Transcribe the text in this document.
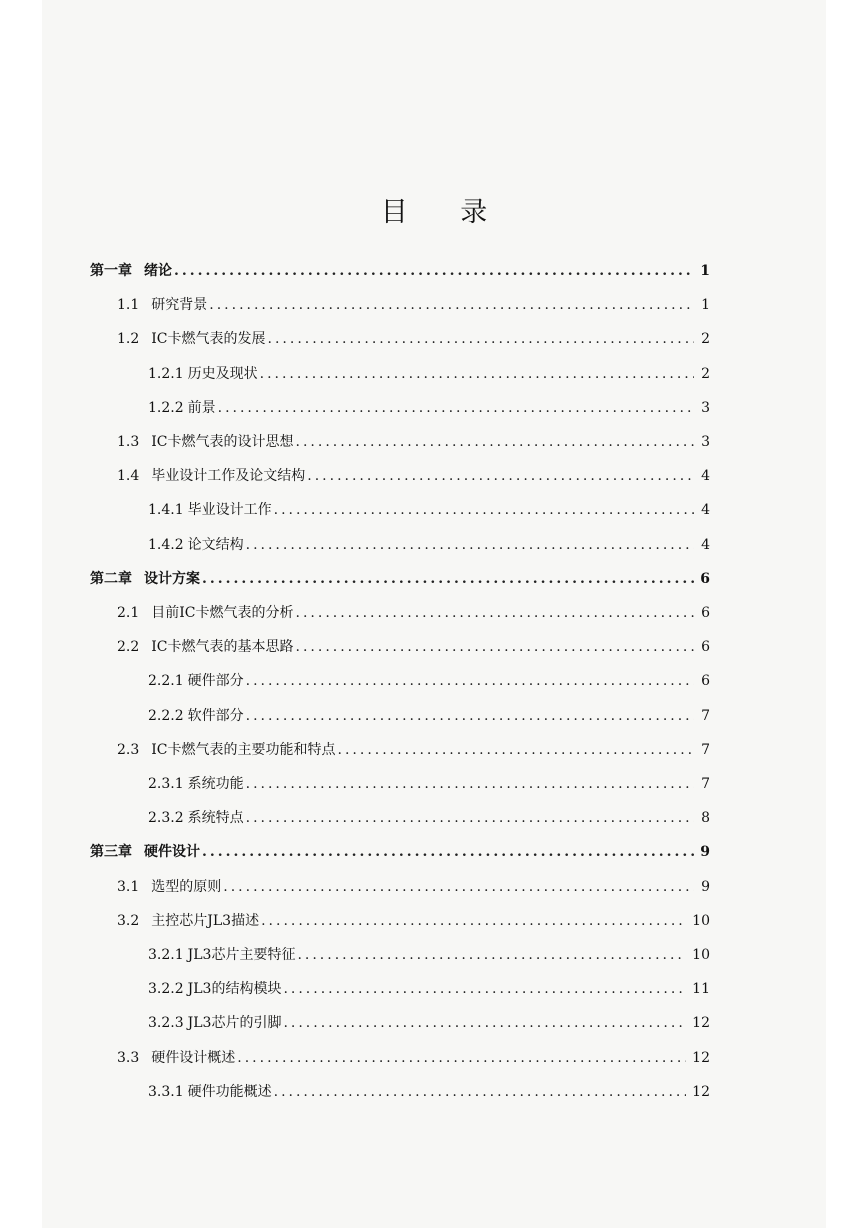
目 录
第一章 绪论 .....	1
1.1 研究背景 .....	1
1.2 IC卡燃气表的发展 .....	2
1.2.1 历史及现状 .....	2
1.2.2 前景 .....	3
1.3 IC卡燃气表的设计思想 .....	3
1.4 毕业设计工作及论文结构 .....	4
1.4.1 毕业设计工作 .....	4
1.4.2 论文结构 .....	4
第二章 设计方案 .....	6
2.1 目前IC卡燃气表的分析 .....	6
2.2 IC卡燃气表的基本思路 .....	6
2.2.1 硬件部分 .....	6
2.2.2 软件部分 .....	7
2.3 IC卡燃气表的主要功能和特点 .....	7
2.3.1 系统功能 .....	7
2.3.2 系统特点 .....	8
第三章 硬件设计 .....	9
3.1 选型的原则 .....	9
3.2 主控芯片JL3描述 .....	10
3.2.1 JL3芯片主要特征 .....	10
3.2.2 JL3的结构模块 .....	11
3.2.3 JL3芯片的引脚 .....	12
3.3 硬件设计概述 .....	12
3.3.1 硬件功能概述 .....	12
